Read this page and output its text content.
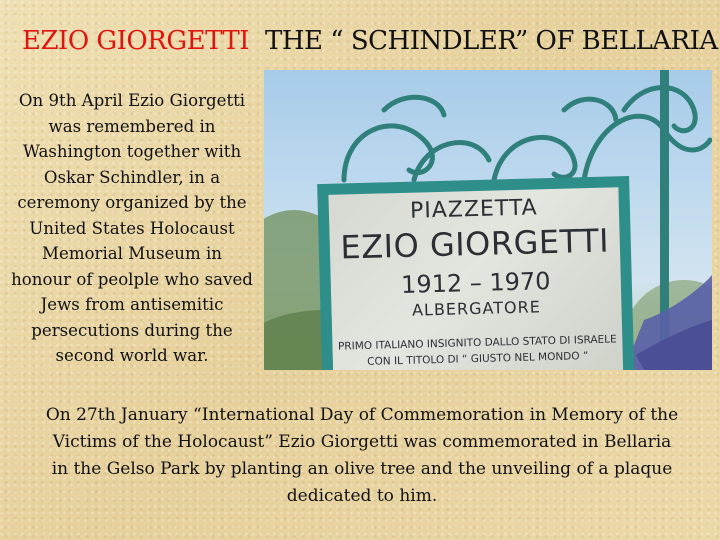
EZIO GIORGETTI THE “ SCHINDLER” OF BELLARIA
On 9th April Ezio Giorgetti was remembered in Washington together with Oskar Schindler, in a ceremony organized by the United States Holocaust Memorial Museum in honour of peolple who saved Jews from antisemitic persecutions during the second world war.
PIAZZETTA
EZIO GIORGETTI
1912 – 1970
ALBERGATORE
PRIMO ITALIANO INSIGNITO DALLO STATO DI ISRAELE
CON IL TITOLO DI “ GIUSTO NEL MONDO ”
On 27th January “International Day of Commemoration in Memory of the Victims of the Holocaust” Ezio Giorgetti was commemorated in Bellaria in the Gelso Park by planting an olive tree and the unveiling of a plaque dedicated to him.
